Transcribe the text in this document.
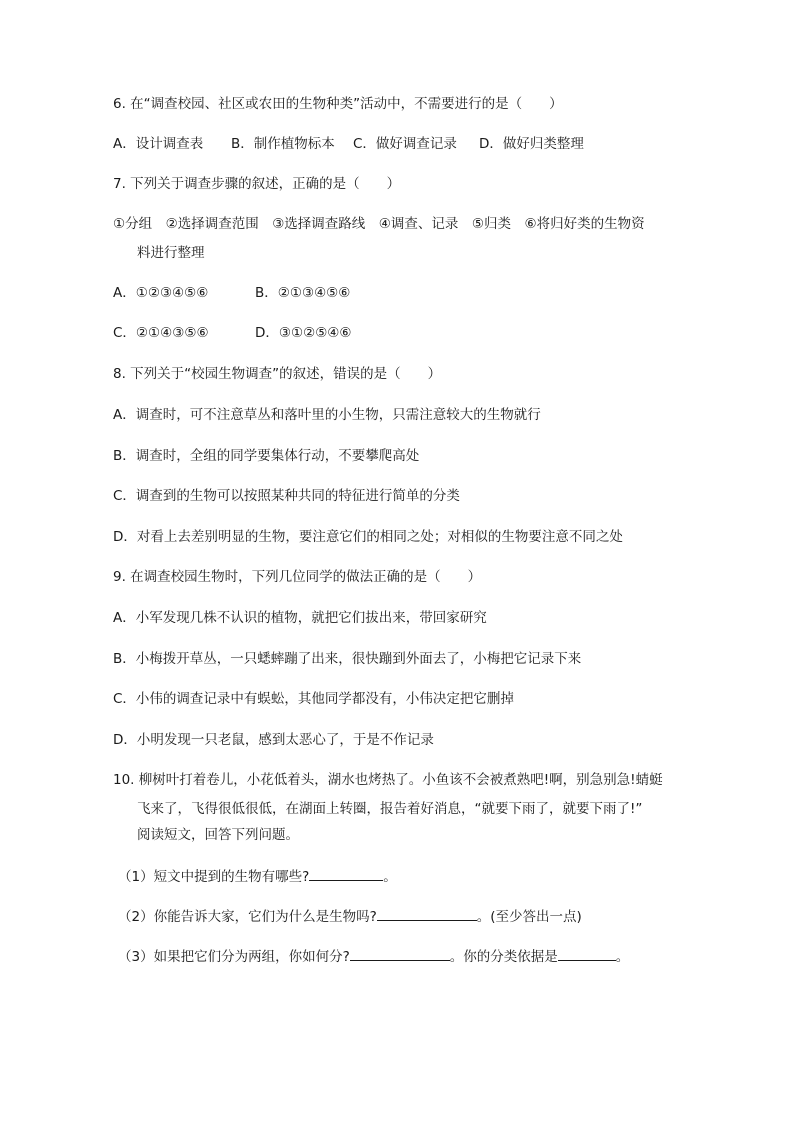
6. 在“调查校园、社区或农田的生物种类”活动中，不需要进行的是（　　）
A．设计调查表 B．制作植物标本 C．做好调查记录 D．做好归类整理
7. 下列关于调查步骤的叙述，正确的是（　　）
①分组　②选择调查范围　③选择调查路线　④调查、记录　⑤归类　⑥将归好类的生物资
料进行整理
A．①②③④⑤⑥	B．②①③④⑤⑥
C．②①④③⑤⑥	D．③①②⑤④⑥
8. 下列关于“校园生物调查”的叙述，错误的是（　　）
A．调查时，可不注意草丛和落叶里的小生物，只需注意较大的生物就行
B．调查时，全组的同学要集体行动，不要攀爬高处
C．调查到的生物可以按照某种共同的特征进行简单的分类
D．对看上去差别明显的生物，要注意它们的相同之处；对相似的生物要注意不同之处
9. 在调查校园生物时，下列几位同学的做法正确的是（　　）
A．小军发现几株不认识的植物，就把它们拔出来，带回家研究
B．小梅拨开草丛，一只蟋蟀蹦了出来，很快蹦到外面去了，小梅把它记录下来
C．小伟的调查记录中有蜈蚣，其他同学都没有，小伟决定把它删掉
D．小明发现一只老鼠，感到太恶心了，于是不作记录
10. 柳树叶打着卷儿，小花低着头，湖水也烤热了。小鱼该不会被煮熟吧!啊，别急别急!蜻蜓
飞来了，飞得很低很低，在湖面上转圈，报告着好消息，“就要下雨了，就要下雨了!”
阅读短文，回答下列问题。
（1）短文中提到的生物有哪些?	。
（2）你能告诉大家，它们为什么是生物吗?	。(至少答出一点)
（3）如果把它们分为两组，你如何分?	。你的分类依据是	。
